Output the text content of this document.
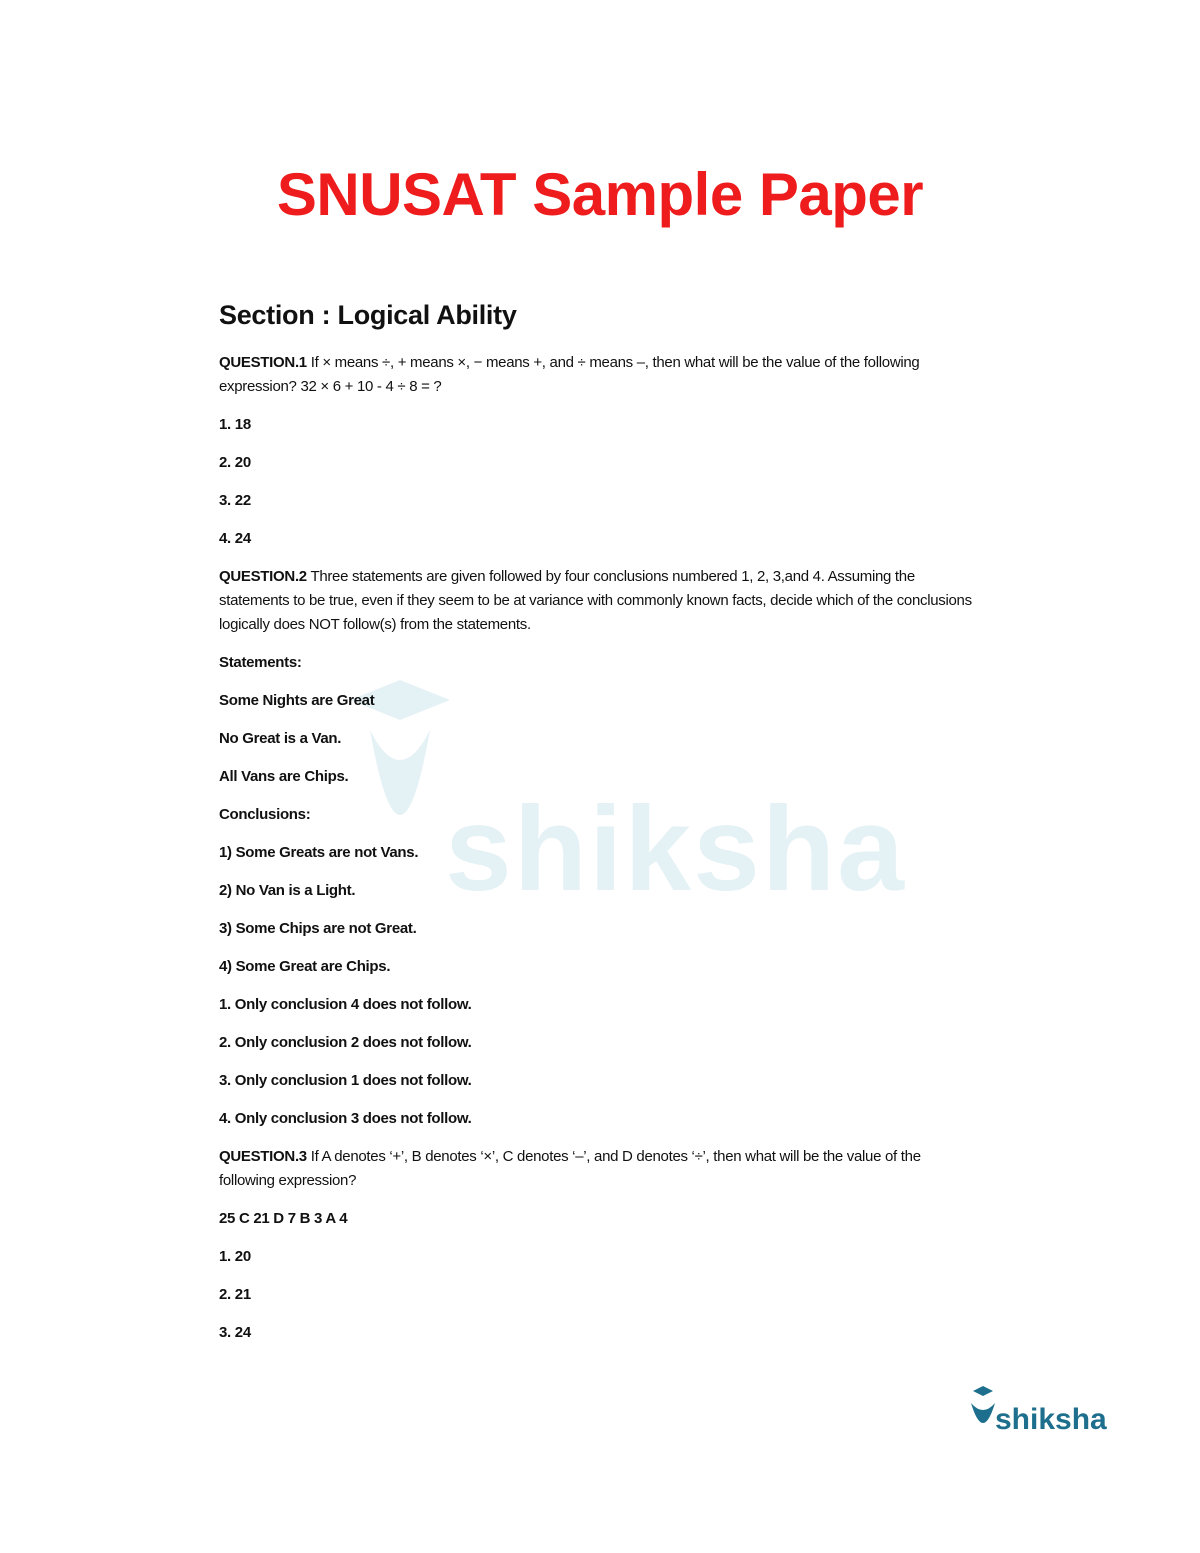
shiksha
SNUSAT Sample Paper
Section : Logical Ability
QUESTION.1 If × means ÷, + means ×, − means +, and ÷ means –, then what will be the value of the following expression? 32 × 6 + 10 - 4 ÷ 8 = ?
1. 18
2. 20
3. 22
4. 24
QUESTION.2 Three statements are given followed by four conclusions numbered 1, 2, 3,and 4. Assuming the statements to be true, even if they seem to be at variance with commonly known facts, decide which of the conclusions logically does NOT follow(s) from the statements.
Statements:
Some Nights are Great
No Great is a Van.
All Vans are Chips.
Conclusions:
1) Some Greats are not Vans.
2) No Van is a Light.
3) Some Chips are not Great.
4) Some Great are Chips.
1. Only conclusion 4 does not follow.
2. Only conclusion 2 does not follow.
3. Only conclusion 1 does not follow.
4. Only conclusion 3 does not follow.
QUESTION.3 If A denotes ‘+’, B denotes ‘×’, C denotes ‘–’, and D denotes ‘÷’, then what will be the value of the following expression?
25 C 21 D 7 B 3 A 4
1. 20
2. 21
3. 24
shiksha
